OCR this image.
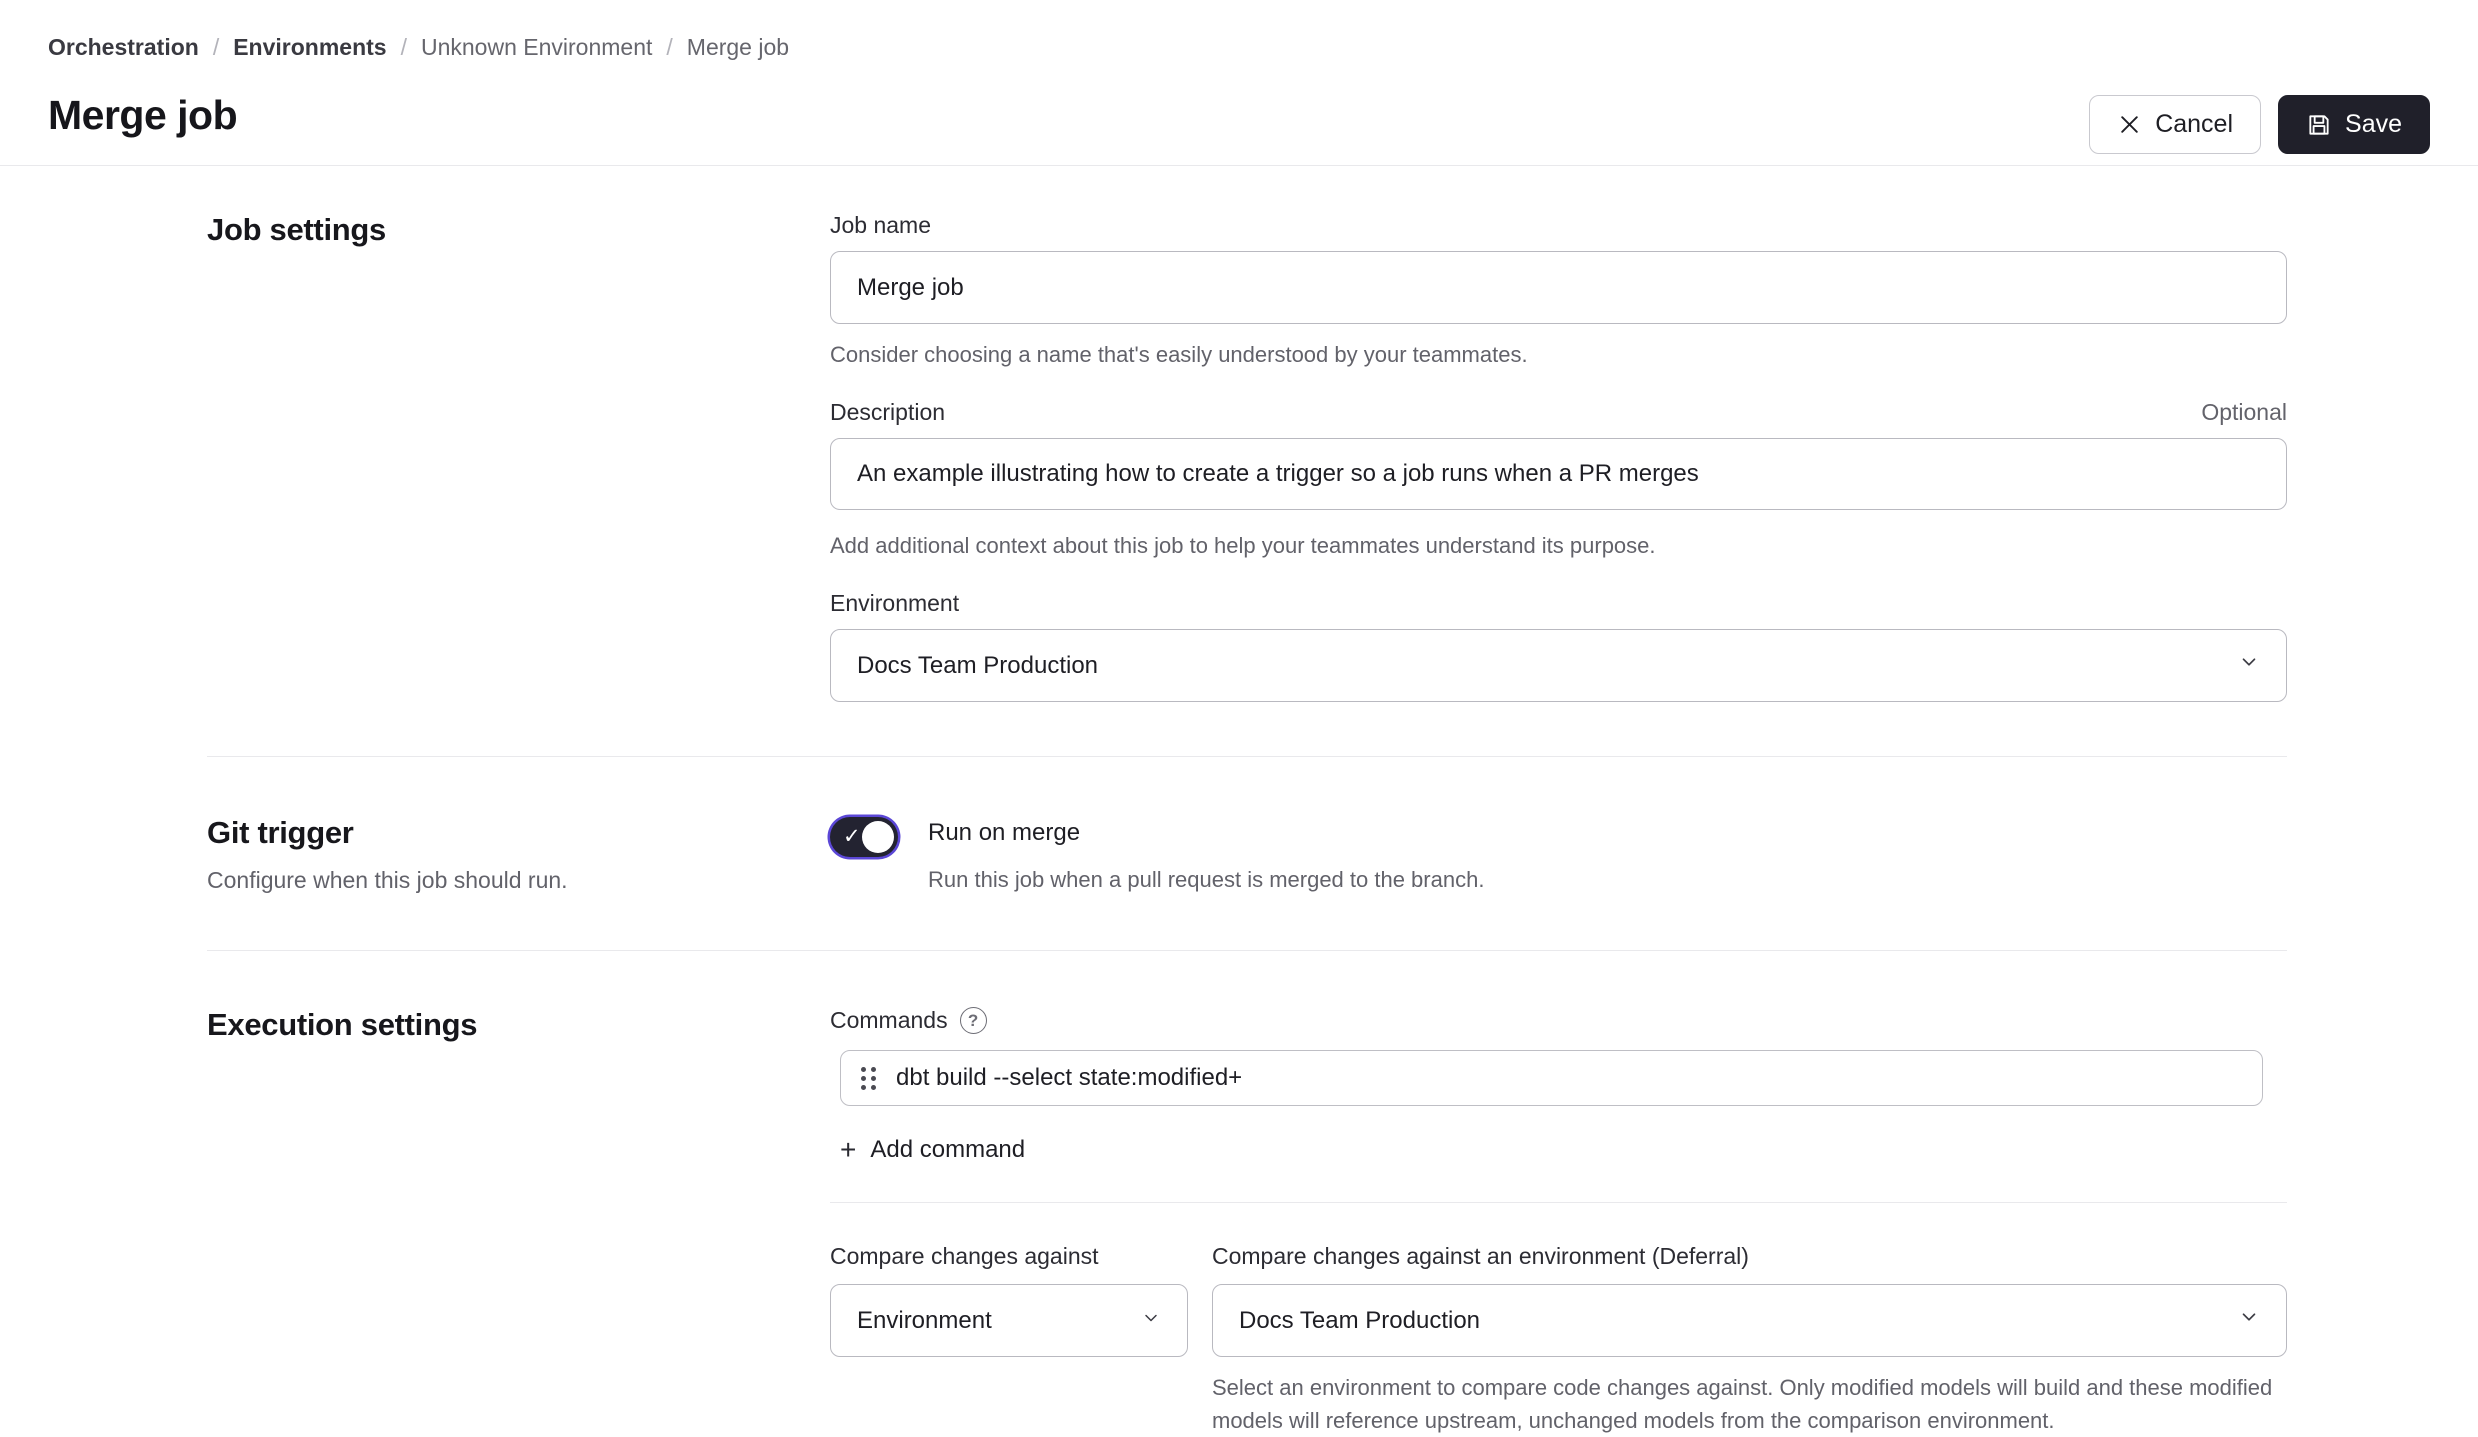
Orchestration / Environments / Unknown Environment / Merge job
Merge job	Cancel	Save
Job settings	Job name Merge job
Consider choosing a name that's easily understood by your teammates.
Description	Optional
An example illustrating how to create a trigger so a job runs when a PR merges
Add additional context about this job to help your teammates understand its purpose.
Environment
Docs Team Production
Git trigger

Configure when this job should run.

✓	Run on merge
Run this job when a pull request is merged to the branch.
Execution settings	Commands	?
dbt build --select state:modified+
+ Add command
Compare changes against
Environment
Compare changes against an environment (Deferral)
Docs Team Production
Select an environment to compare code changes against. Only modified models will build and these modified models will reference upstream, unchanged models from the comparison environment.
